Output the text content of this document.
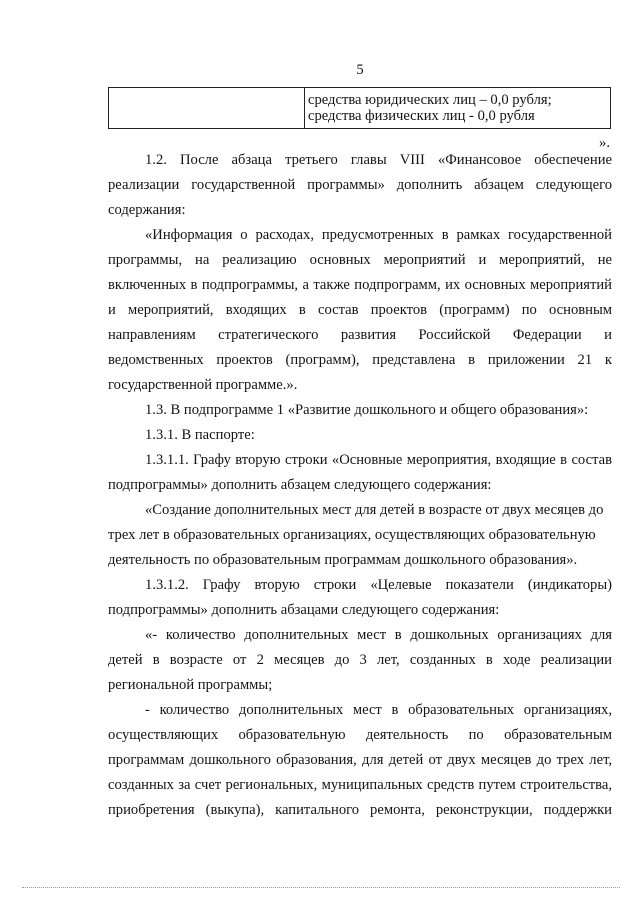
5
средства юридических лиц – 0,0 рубля;
средства физических лиц - 0,0 рубля
».
1.2. После абзаца третьего главы VIII «Финансовое обеспечение
реализации государственной программы» дополнить абзацем следующего
содержания:
«Информация о расходах, предусмотренных в рамках государственной
программы, на реализацию основных мероприятий и мероприятий, не
включенных в подпрограммы, а также подпрограмм, их основных мероприятий
и мероприятий, входящих в состав проектов (программ) по основным
направлениям стратегического развития Российской Федерации и
ведомственных проектов (программ), представлена в приложении 21 к
государственной программе.».
1.3. В подпрограмме 1 «Развитие дошкольного и общего образования»:
1.3.1. В паспорте:
1.3.1.1. Графу вторую строки «Основные мероприятия, входящие в состав
подпрограммы» дополнить абзацем следующего содержания:
«Создание дополнительных мест для детей в возрасте от двух месяцев до
трех лет в образовательных организациях, осуществляющих образовательную
деятельность по образовательным программам дошкольного образования».
1.3.1.2. Графу вторую строки «Целевые показатели (индикаторы)
подпрограммы» дополнить абзацами следующего содержания:
«- количество дополнительных мест в дошкольных организациях для
детей в возрасте от 2 месяцев до 3 лет, созданных в ходе реализации
региональной программы;
- количество дополнительных мест в образовательных организациях,
осуществляющих образовательную деятельность по образовательным
программам дошкольного образования, для детей от двух месяцев до трех лет,
созданных за счет региональных, муниципальных средств путем строительства,
приобретения (выкупа), капитального ремонта, реконструкции, поддержки
